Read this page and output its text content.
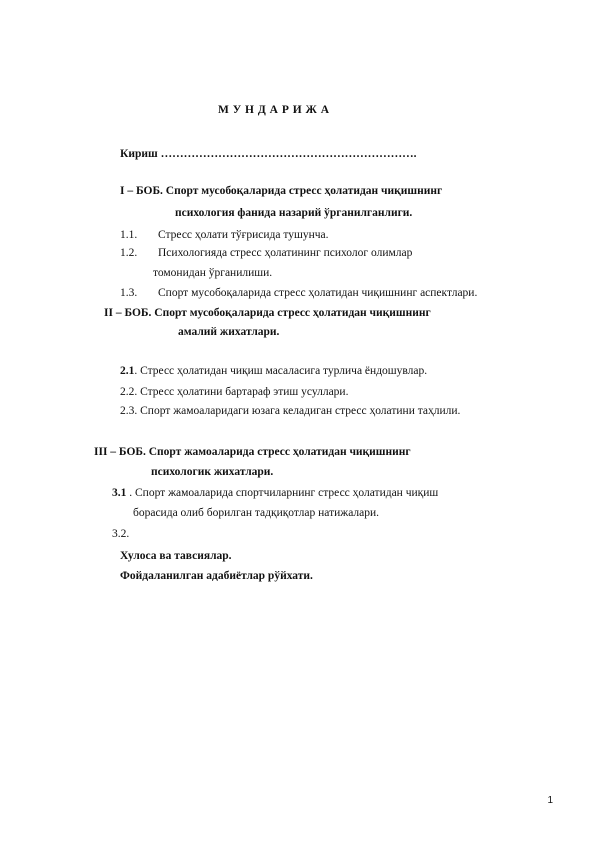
М У Н Д А Р И Ж А
Кириш ………………………………………………………….
I – БОБ. Спорт мусобоқаларида стресс ҳолатидан чиқишнинг
психология фанида назарий ўрганилганлиги.
1.1. Стресс ҳолати тўғрисида тушунча.
1.2. Психологияда стресс ҳолатининг психолог олимлар
томонидан ўрганилиши.
1.3. Спорт мусобоқаларида стресс ҳолатидан чиқишнинг аспектлари.
II – БОБ. Спорт мусобоқаларида стресс ҳолатидан чиқишнинг
амалий жихатлари.
2.1. Стресс ҳолатидан чиқиш масаласига турлича ёндошувлар.
2.2. Стресс ҳолатини бартараф этиш усуллари.
2.3. Спорт жамоаларидаги юзага келадиган стресс ҳолатини таҳлили.
III – БОБ. Спорт жамоаларида стресс ҳолатидан чиқишнинг
психологик жихатлари.
3.1 . Спорт жамоаларида спортчиларнинг стресс ҳолатидан чиқиш
борасида олиб борилган тадқиқотлар натижалари.
3.2.
Хулоса ва тавсиялар.
Фойдаланилган адабиётлар рўйхати.
1
